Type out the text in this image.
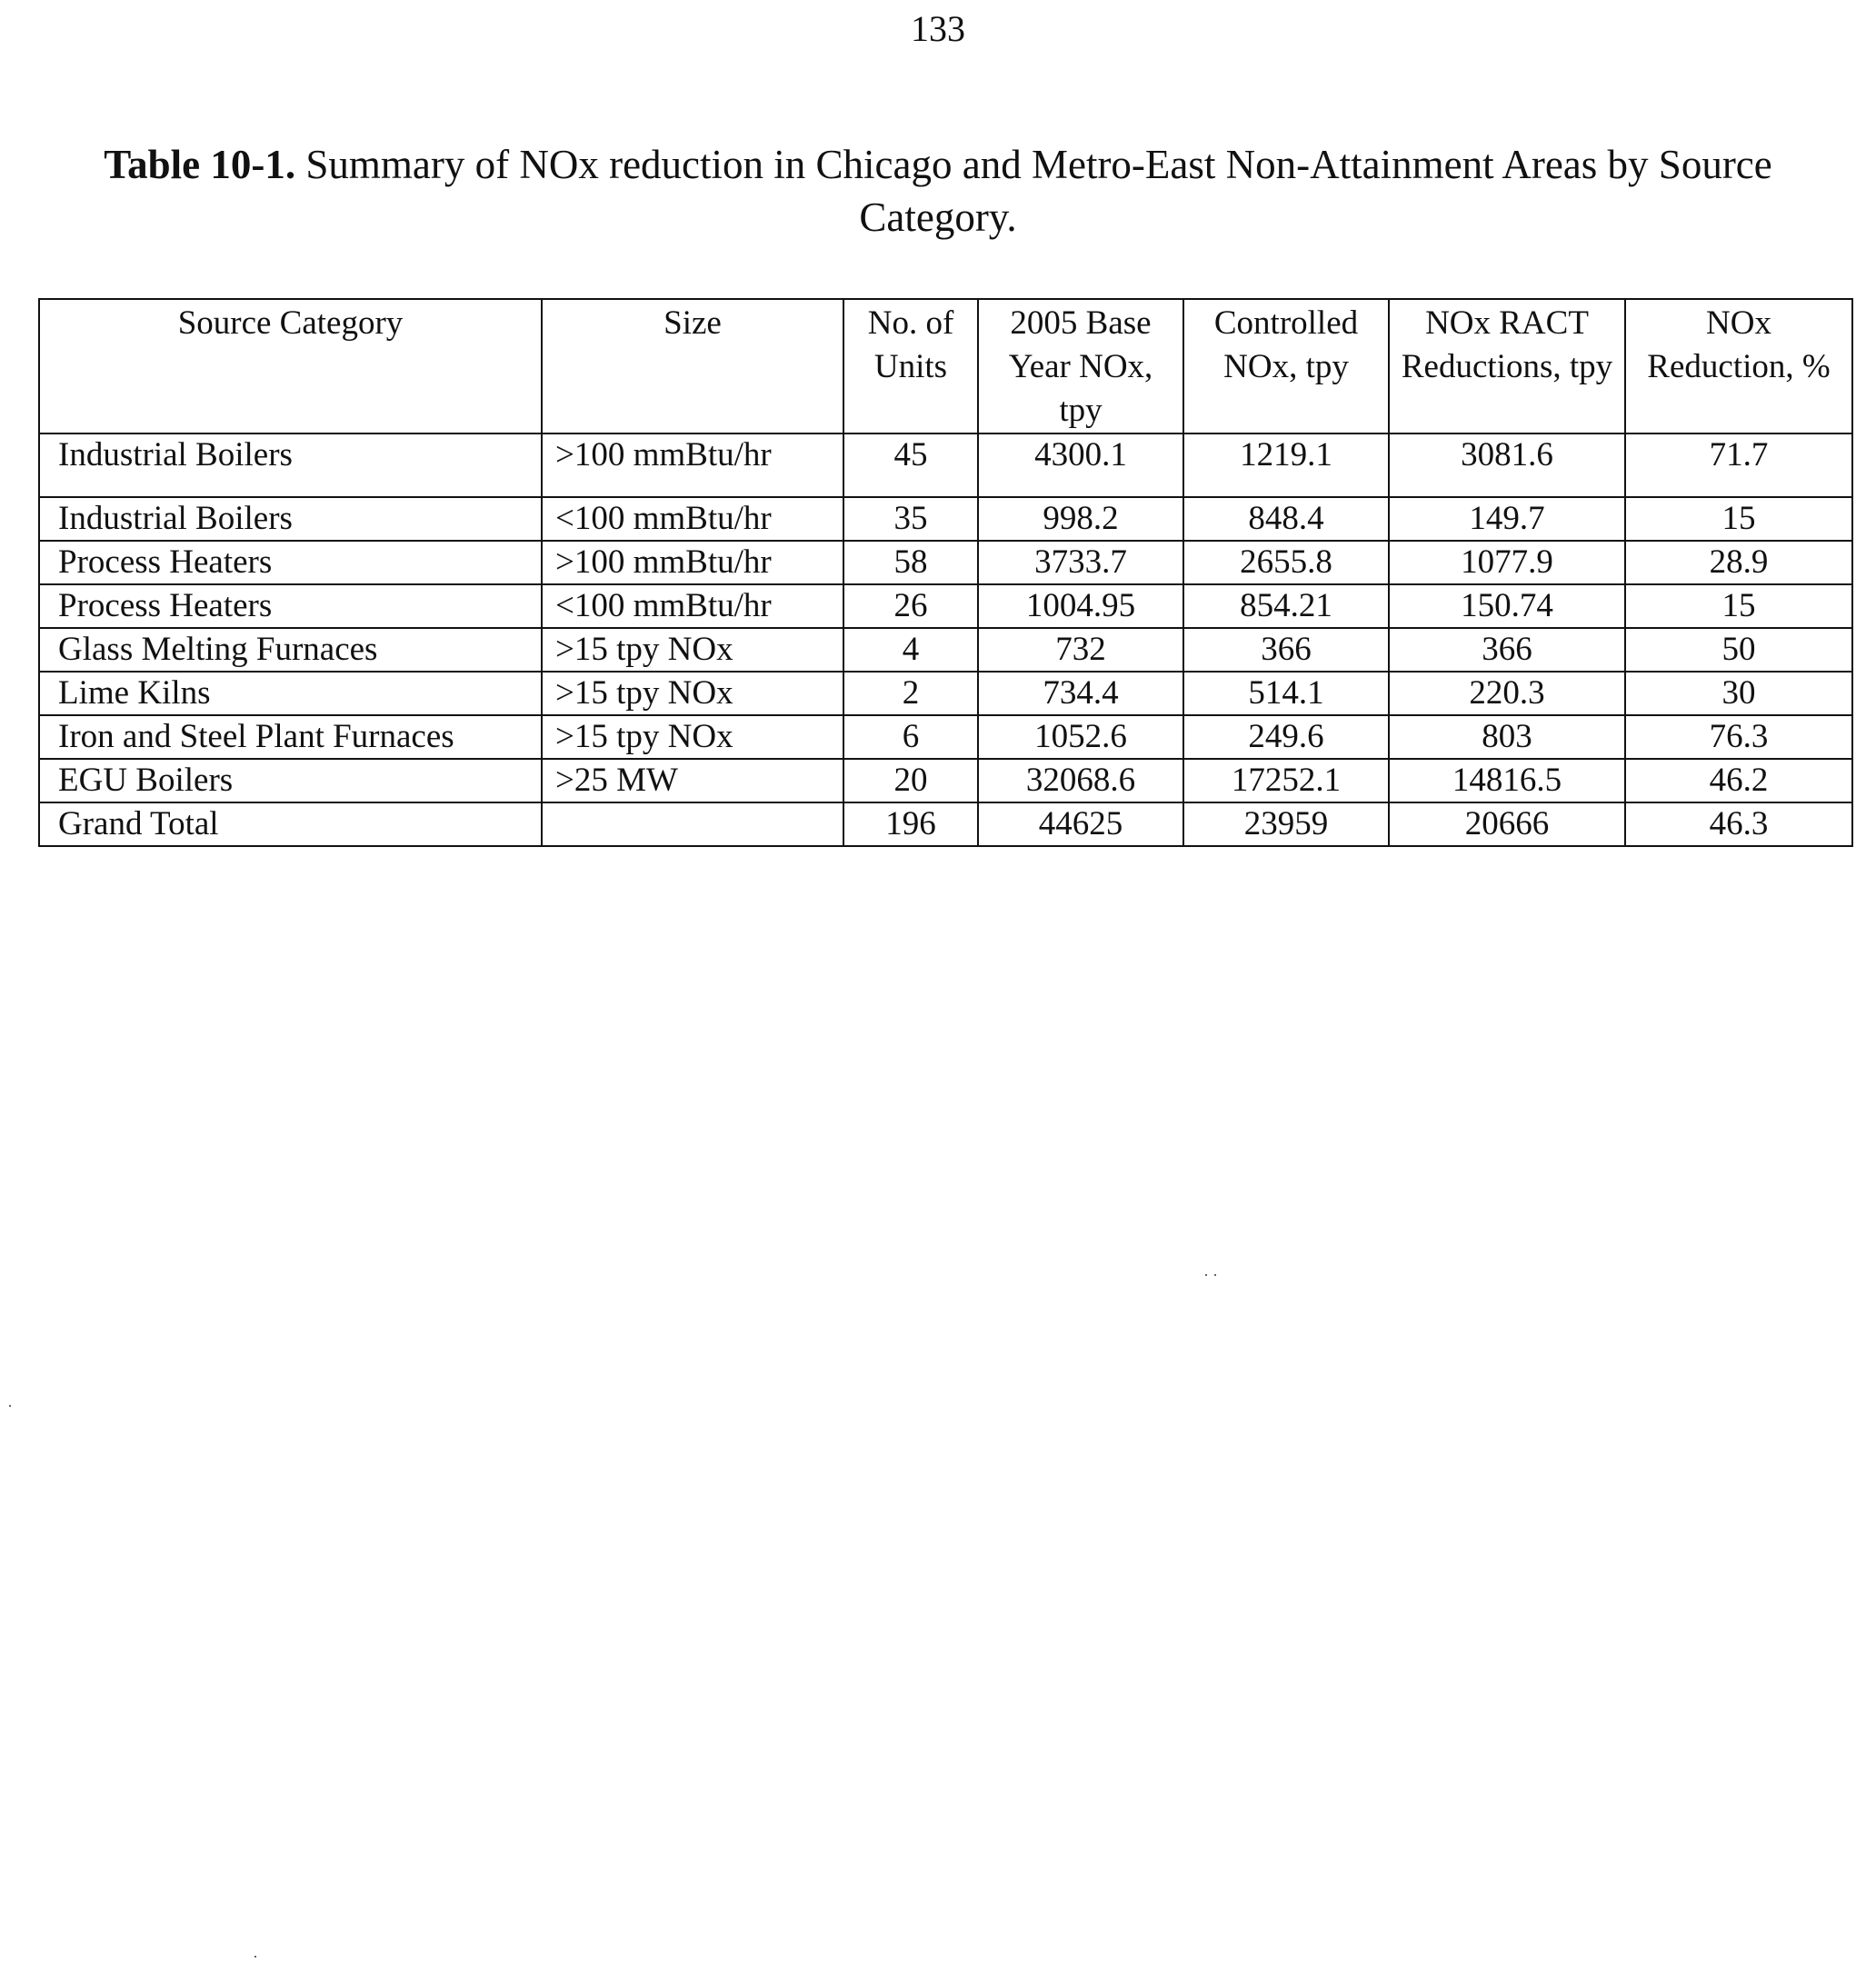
133
Table 10-1. Summary of NOx reduction in Chicago and Metro-East Non-Attainment Areas by Source Category.
Source Category	Size	No. of Units	2005 Base Year NOx, tpy	Controlled NOx, tpy	NOx RACT Reductions, tpy	NOx Reduction, %
Industrial Boilers	>100 mmBtu/hr	45	4300.1	1219.1	3081.6	71.7
Industrial Boilers	<100 mmBtu/hr	35	998.2	848.4	149.7	15
Process Heaters	>100 mmBtu/hr	58	3733.7	2655.8	1077.9	28.9
Process Heaters	<100 mmBtu/hr	26	1004.95	854.21	150.74	15
Glass Melting Furnaces	>15 tpy NOx	4	732	366	366	50
Lime Kilns	>15 tpy NOx	2	734.4	514.1	220.3	30
Iron and Steel Plant Furnaces	>15 tpy NOx	6	1052.6	249.6	803	76.3
EGU Boilers	>25 MW	20	32068.6	17252.1	14816.5	46.2
Grand Total		196	44625	23959	20666	46.3
